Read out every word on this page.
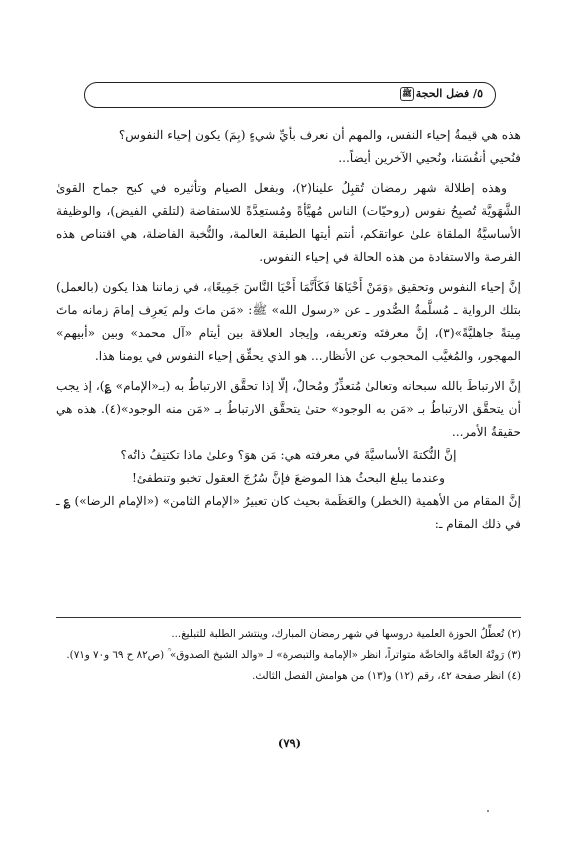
٥/ فضل الحجةﷺ

هذه هي قيمةُ إحياء النفس، والمهم أن نعرف بأيِّ شيءٍ (بِمَ) يكون إحياء النفوس؟

فنُحيي أنفُسَنا، ونُحيي الآخرين أيضاً...

وهذه إطلالة شهر رمضان تُقبِلُ علينا(٢)، وبفعل الصيام وتأثيره في كبح جماح القوىٰ الشَّهَويَّة تُصبِحُ نفوس (روحيّات) الناس مُهيَّأةً ومُستعِدَّةً للاستفاضة (لتلقي الفيض)، والوظيفة الأساسيَّةُ الملقاة علىٰ عواتقكم، أنتم أيتها الطبقة العالمة، والنُّخبة الفاضلة، هي اقتناص هذه الفرصة والاستفادة من هذه الحالة في إحياء النفوس.

إنَّ إحياء النفوس وتحقيق ﴿وَمَنْ أَحْيَاهَا فَكَأَنَّمَا أَحْيَا النَّاسَ جَمِيعًا﴾، في زماننا هذا يكون (بالعمل) بتلك الرواية ـ مُسلَّمةُ الصُّدور ـ عن «رسول الله» ﷺ: «مَن ماتَ ولم يَعرِف إمامَ زمانه ماتَ مِيتةً جاهليَّةً»(٣)، إنَّ معرفتَه وتعريفه، وإيجاد العلاقة بين أيتام «آل محمد» وبين «أبيهم» المهجور، والمُغيَّب المحجوب عن الأنظار... هو الذي يحقِّق إحياء النفوس في يومنا هذا.

إنَّ الارتباطَ بالله سبحانه وتعالىٰ مُتعذِّرٌ ومُحالٌ، إلّا إذا تحقَّق الارتباطُ به (بـ«الإمام» ؏)، إذ يجب أن يتحقَّق الارتباطُ بـ «مَن به الوجود» حتىٰ يتحقَّق الارتباطُ بـ «مَن منه الوجود»(٤). هذه هي حقيقةُ الأمر...

إنَّ النُّكتةَ الأساسيَّةَ في معرفته هي: مَن هوَ؟ وعلىٰ ماذا تكتنِفُ ذاتُه؟

وعندما يبلغ البحثُ هذا الموضعَ فإنَّ سُرُجَ العقول تخبو وتنطفئ!

إنَّ المقام من الأهمية (الخطر) والعَظَمة بحيث كان تعبيرُ «الإمام الثامن» («الإمام الرضا») ؏ ـ في ذلك المقام ـ:

(٢) تُعطِّلُ الحوزة العلمية دروسها في شهر رمضان المبارك، وينتشر الطلبة للتبليغ...

(٣) رَوتْهُ العامَّة والخاصَّة متواتراً، انظر «الإمامة والتبصرة» لـ «والد الشيخ الصدوق» ؒ (ص٨٢ ح ٦٩ و٧٠ و٧١).

(٤) انظر صفحة ٤٢، رقم (١٢) و(١٣) من هوامش الفصل الثالث.

(٧٩)
